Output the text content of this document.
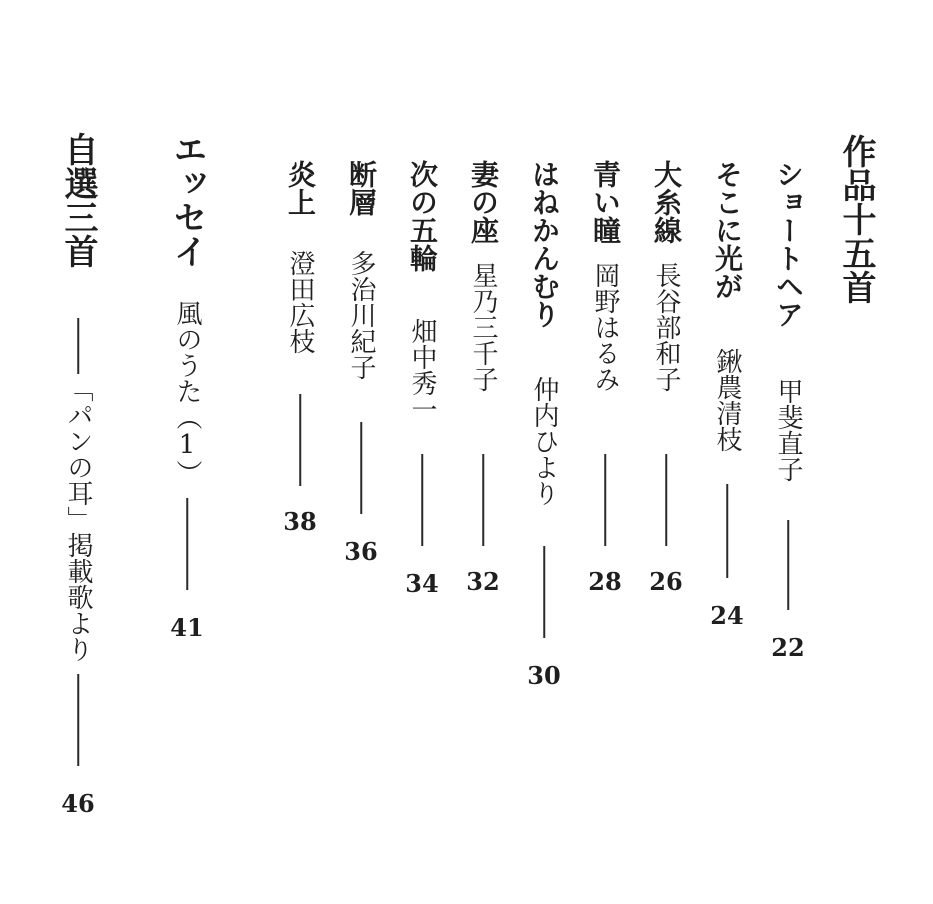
作品十五首
ショートヘア
甲斐直子
22
そこに光が
鍬農清枝
24
大糸線
長谷部和子
26
青い瞳
岡野はるみ
28
はねかんむり
仲内ひより
30
妻の座
星乃三千子
32
次の五輪
畑中秀一
34
断層
多治川紀子
36
炎上
澄田広枝
38
エッセイ
風のうた（1）
41
自選三首
「パンの耳」掲載歌より
46
